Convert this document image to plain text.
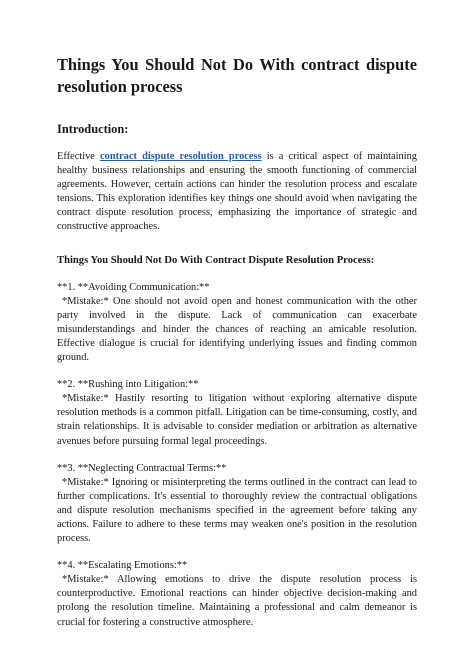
Things You Should Not Do With contract dispute resolution process
Introduction:

Effective contract dispute resolution process is a critical aspect of maintaining healthy business relationships and ensuring the smooth functioning of commercial agreements. However, certain actions can hinder the resolution process and escalate tensions. This exploration identifies key things one should avoid when navigating the contract dispute resolution process, emphasizing the importance of strategic and constructive approaches.

Things You Should Not Do With Contract Dispute Resolution Process:

**1. **Avoiding Communication:**

*Mistake:* One should not avoid open and honest communication with the other party involved in the dispute. Lack of communication can exacerbate misunderstandings and hinder the chances of reaching an amicable resolution. Effective dialogue is crucial for identifying underlying issues and finding common ground.

**2. **Rushing into Litigation:**

*Mistake:* Hastily resorting to litigation without exploring alternative dispute resolution methods is a common pitfall. Litigation can be time-consuming, costly, and strain relationships. It is advisable to consider mediation or arbitration as alternative avenues before pursuing formal legal proceedings.

**3. **Neglecting Contractual Terms:**

*Mistake:* Ignoring or misinterpreting the terms outlined in the contract can lead to further complications. It's essential to thoroughly review the contractual obligations and dispute resolution mechanisms specified in the agreement before taking any actions. Failure to adhere to these terms may weaken one's position in the resolution process.

**4. **Escalating Emotions:**

*Mistake:* Allowing emotions to drive the dispute resolution process is counterproductive. Emotional reactions can hinder objective decision-making and prolong the resolution timeline. Maintaining a professional and calm demeanor is crucial for fostering a constructive atmosphere.
